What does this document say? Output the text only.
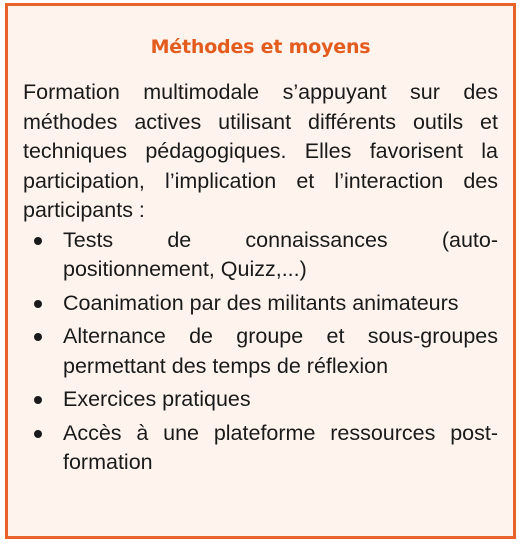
Méthodes et moyens

Formation multimodale s’appuyant sur des méthodes actives utilisant différents outils et techniques pédagogiques. Elles favorisent la participation, l’implication et l’interaction des participants :

Tests de connaissances (auto-positionnement, Quizz,...)
Coanimation par des militants animateurs
Alternance de groupe et sous-groupes permettant des temps de réflexion
Exercices pratiques
Accès à une plateforme ressources post-formation
